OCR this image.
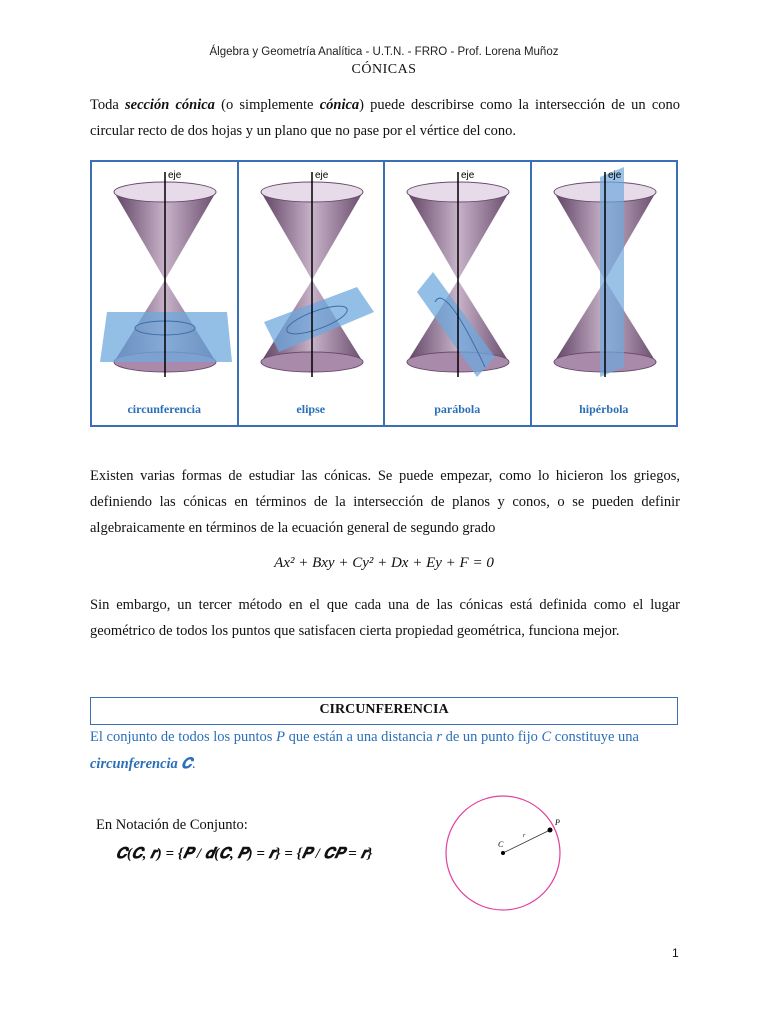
Álgebra y Geometría Analítica - U.T.N. - FRRO - Prof. Lorena Muñoz
CÓNICAS
Toda sección cónica (o simplemente cónica) puede describirse como la intersección de un cono circular recto de dos hojas y un plano que no pase por el vértice del cono.
eje
circunferencia
eje
elipse
eje
parábola
eje
hipérbola
Existen varias formas de estudiar las cónicas. Se puede empezar, como lo hicieron los griegos, definiendo las cónicas en términos de la intersección de planos y conos, o se pueden definir algebraicamente en términos de la ecuación general de segundo grado
Ax² + Bxy + Cy² + Dx + Ey + F = 0
Sin embargo, un tercer método en el que cada una de las cónicas está definida como el lugar geométrico de todos los puntos que satisfacen cierta propiedad geométrica, funciona mejor.
CIRCUNFERENCIA
El conjunto de todos los puntos P que están a una distancia r de un punto fijo C constituye una
circunferencia 𝑪.
En Notación de Conjunto:
𝑪(𝑪, 𝒓) = {𝑷 / 𝒅(𝑪, 𝑷) = 𝒓} = {𝑷 / 𝑪𝑷 = 𝒓}
C
P
r
1
